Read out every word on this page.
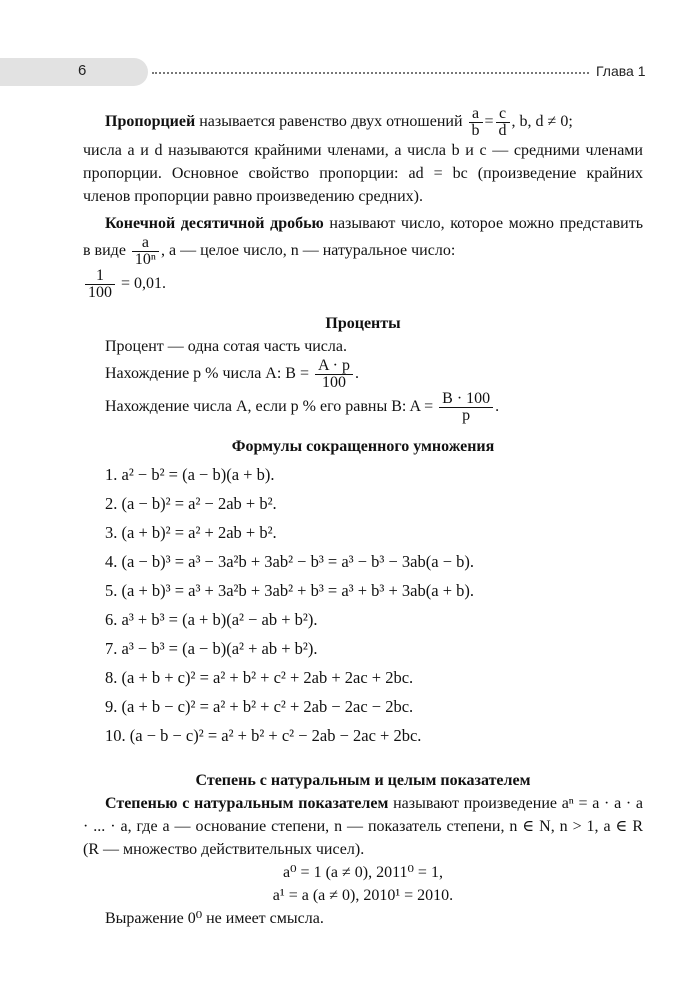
6	Глава 1

Пропорцией называется равенство двух отношений $\frac{a}{b} = \frac{c}{d}$ , b, d ≠ 0;

числа a и d называются крайними членами, а числа b и c — средними членами пропорции. Основное свойство пропорции: ad = bc (произведение крайних членов пропорции равно произведению средних).

Конечной десятичной дробью называют число, которое можно представить в виде $\frac{a}{\text{10ⁿ}}$ , a — целое число, n — натуральное число:

$\frac{1}{100} = 0,01$.

Проценты
Процент — одна сотая часть числа.
Нахождение p % числа A: $B = \frac{A \cdot p}{100}$ .
Нахождение числа A, если p % его равны B: $A = \frac{B \cdot 100}{p}$ .
Формулы сокращенного умножения
1. a² − b² = (a − b)(a + b).
2. (a − b)² = a² − 2ab + b².
3. (a + b)² = a² + 2ab + b².
4. (a − b)³ = a³ − 3a²b + 3ab² − b³ = a³ − b³ − 3ab(a − b).
5. (a + b)³ = a³ + 3a²b + 3ab² + b³ = a³ + b³ + 3ab(a + b).
6. a³ + b³ = (a + b)(a² − ab + b²).
7. a³ − b³ = (a − b)(a² + ab + b²).
8. (a + b + c)² = a² + b² + c² + 2ab + 2ac + 2bc.
9. (a + b − c)² = a² + b² + c² + 2ab − 2ac − 2bc.
10. (a − b − c)² = a² + b² + c² − 2ab − 2ac + 2bc.
Степень с натуральным и целым показателем

Степенью с натуральным показателем называют произведение aⁿ = a · a · a · ... · a, где a — основание степени, n — показатель степени, n ∈ N, n > 1, a ∈ R (R — множество действительных чисел).

a⁰ = 1 (a ≠ 0), 2011⁰ = 1,
a¹ = a (a ≠ 0), 2010¹ = 2010.
Выражение 0⁰ не имеет смысла.
